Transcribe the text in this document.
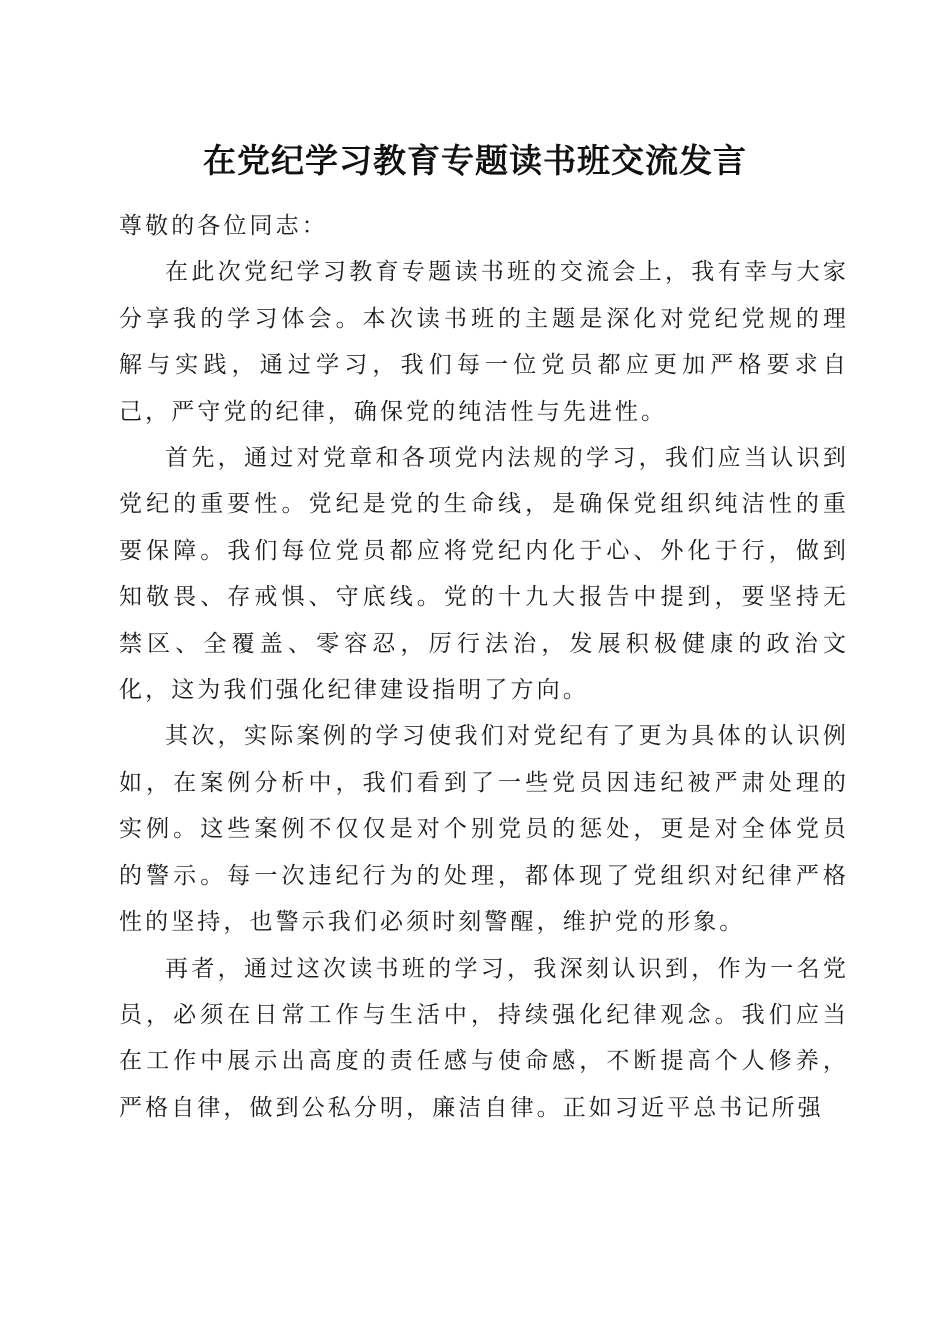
在党纪学习教育专题读书班交流发言

尊敬的各位同志：

在此次党纪学习教育专题读书班的交流会上，我有幸与大家分享我的学习体会。本次读书班的主题是深化对党纪党规的理解与实践，通过学习，我们每一位党员都应更加严格要求自己，严守党的纪律，确保党的纯洁性与先进性。

首先，通过对党章和各项党内法规的学习，我们应当认识到党纪的重要性。党纪是党的生命线，是确保党组织纯洁性的重要保障。我们每位党员都应将党纪内化于心、外化于行，做到知敬畏、存戒惧、守底线。党的十九大报告中提到，要坚持无禁区、全覆盖、零容忍，厉行法治，发展积极健康的政治文化，这为我们强化纪律建设指明了方向。

其次，实际案例的学习使我们对党纪有了更为具体的认识例如，在案例分析中，我们看到了一些党员因违纪被严肃处理的实例。这些案例不仅仅是对个别党员的惩处，更是对全体党员的警示。每一次违纪行为的处理，都体现了党组织对纪律严格性的坚持，也警示我们必须时刻警醒，维护党的形象。

再者，通过这次读书班的学习，我深刻认识到，作为一名党员，必须在日常工作与生活中，持续强化纪律观念。我们应当在工作中展示出高度的责任感与使命感，不断提高个人修养，严格自律，做到公私分明，廉洁自律。正如习近平总书记所强
